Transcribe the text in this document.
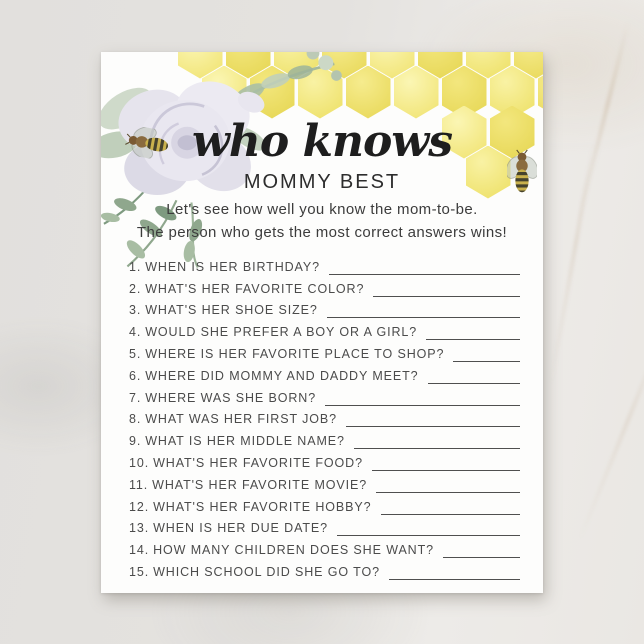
who knows
MOMMY BEST
Let's see how well you know the mom-to-be.
The person who gets the most correct answers wins!
1. WHEN IS HER BIRTHDAY?
2. WHAT'S HER FAVORITE COLOR?
3. WHAT'S HER SHOE SIZE?
4. WOULD SHE PREFER A BOY OR A GIRL?
5. WHERE IS HER FAVORITE PLACE TO SHOP?
6. WHERE DID MOMMY AND DADDY MEET?
7. WHERE WAS SHE BORN?
8. WHAT WAS HER FIRST JOB?
9. WHAT IS HER MIDDLE NAME?
10. WHAT'S HER FAVORITE FOOD?
11. WHAT'S HER FAVORITE MOVIE?
12. WHAT'S HER FAVORITE HOBBY?
13. WHEN IS HER DUE DATE?
14. HOW MANY CHILDREN DOES SHE WANT?
15. WHICH SCHOOL DID SHE GO TO?
